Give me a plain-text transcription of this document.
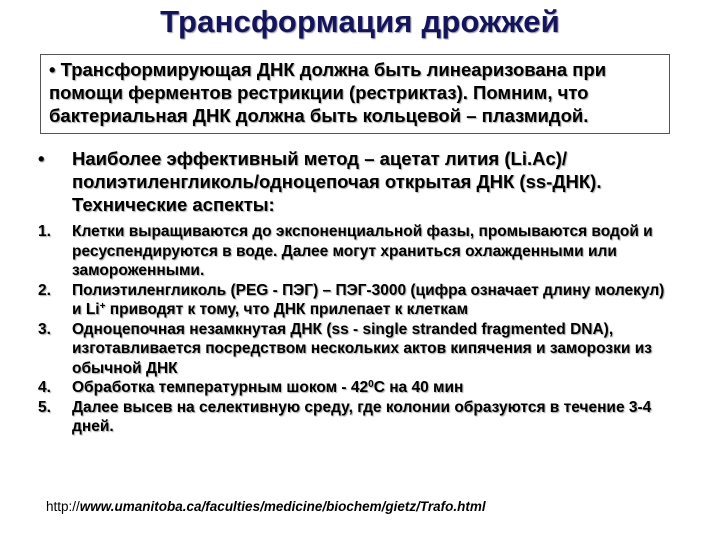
Трансформация дрожжей
• Трансформирующая ДНК должна быть линеаризована при помощи ферментов рестрикции (рестриктаз). Помним, что бактериальная ДНК должна быть кольцевой – плазмидой.
• Наиболее эффективный метод – ацетат лития (Li.Ac)/полиэтиленгликоль/одноцепочая открытая ДНК (ss-ДНК). Технические аспекты:
1. Клетки выращиваются до экспоненциальной фазы, промываются водой и ресуспендируются в воде. Далее могут храниться охлажденными или замороженными.
2. Полиэтиленгликоль (PEG - ПЭГ) – ПЭГ-3000 (цифра означает длину молекул) и Li+ приводят к тому, что ДНК прилепает к клеткам
3. Одноцепочная незамкнутая ДНК (ss - single stranded fragmented DNA), изготавливается посредством нескольких актов кипячения и заморозки из обычной ДНК
4. Обработка температурным шоком - $42^0С$ на 40 мин
5. Далее высев на селективную среду, где колонии образуются в течение 3-4 дней.
http://www.umanitoba.ca/faculties/medicine/biochem/gietz/Trafo.html
